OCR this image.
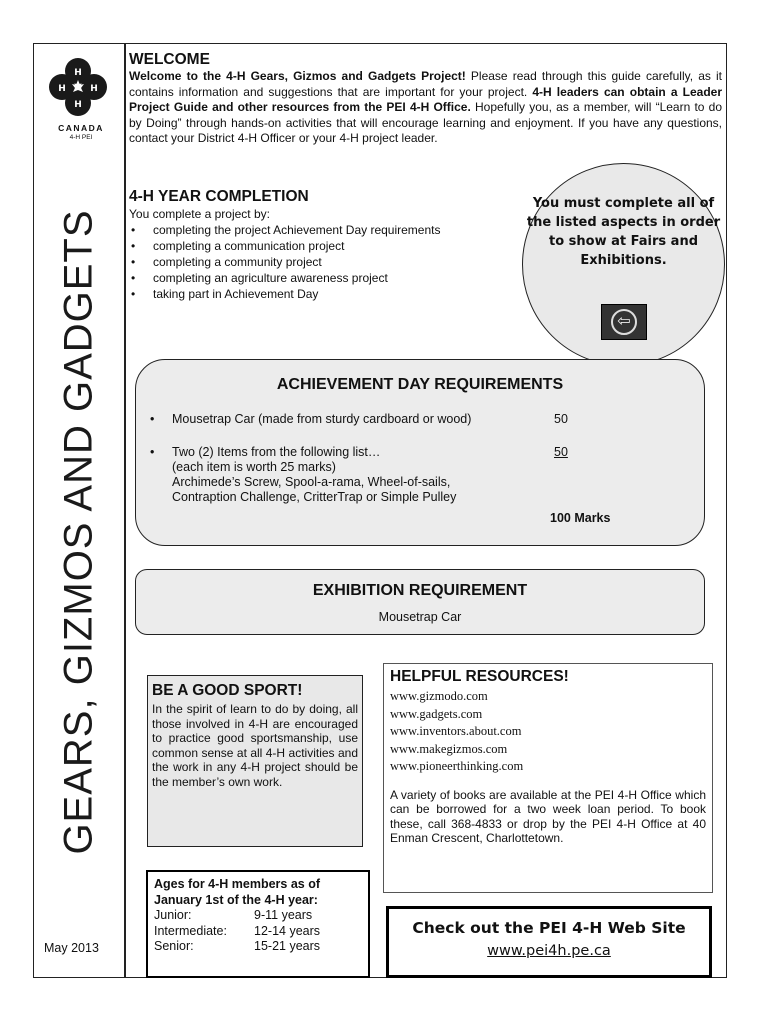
H
H
H	H
CANADA
4-H PEI
GEARS, GIZMOS AND GADGETS
May 2013
WELCOME
Welcome to the 4-H Gears, Gizmos and Gadgets Project! Please read through this guide carefully, as it contains information and suggestions that are important for your project. 4-H leaders can obtain a Leader Project Guide and other resources from the PEI 4-H Office. Hopefully you, as a member, will “Learn to do by Doing” through hands-on activities that will encourage learning and enjoyment. If you have any questions, contact your District 4-H Officer or your 4-H project leader.
4-H YEAR COMPLETION
You complete a project by:
• completing the project Achievement Day requirements
• completing a communication project
• completing a community project
• completing an agriculture awareness project
• taking part in Achievement Day
You must complete all of the listed aspects in order to show at Fairs and Exhibitions.
⇦
ACHIEVEMENT DAY REQUIREMENTS
• Mousetrap Car (made from sturdy cardboard or wood)	50
• Two (2) Items from the following list…
(each item is worth 25 marks)
Archimede’s Screw, Spool-a-rama, Wheel-of-sails,
Contraption Challenge, CritterTrap or Simple Pulley
50
100 Marks
EXHIBITION REQUIREMENT
Mousetrap Car
BE A GOOD SPORT!

In the spirit of learn to do by doing, all those involved in 4-H are encouraged to practice good sportsmanship, use common sense at all 4-H activities and the work in any 4-H project should be the member’s own work.

HELPFUL RESOURCES!
www.gizmodo.com
www.gadgets.com
www.inventors.about.com
www.makegizmos.com
www.pioneerthinking.com

A variety of books are available at the PEI 4-H Office which can be borrowed for a two week loan period. To book these, call 368-4833 or drop by the PEI 4-H Office at 40 Enman Crescent, Charlottetown.

Ages for 4-H members as of
January 1st of the 4-H year:
Junior:	9-11 years
Intermediate:	12-14 years
Senior:	15-21 years
Check out the PEI 4-H Web Site
www.pei4h.pe.ca
